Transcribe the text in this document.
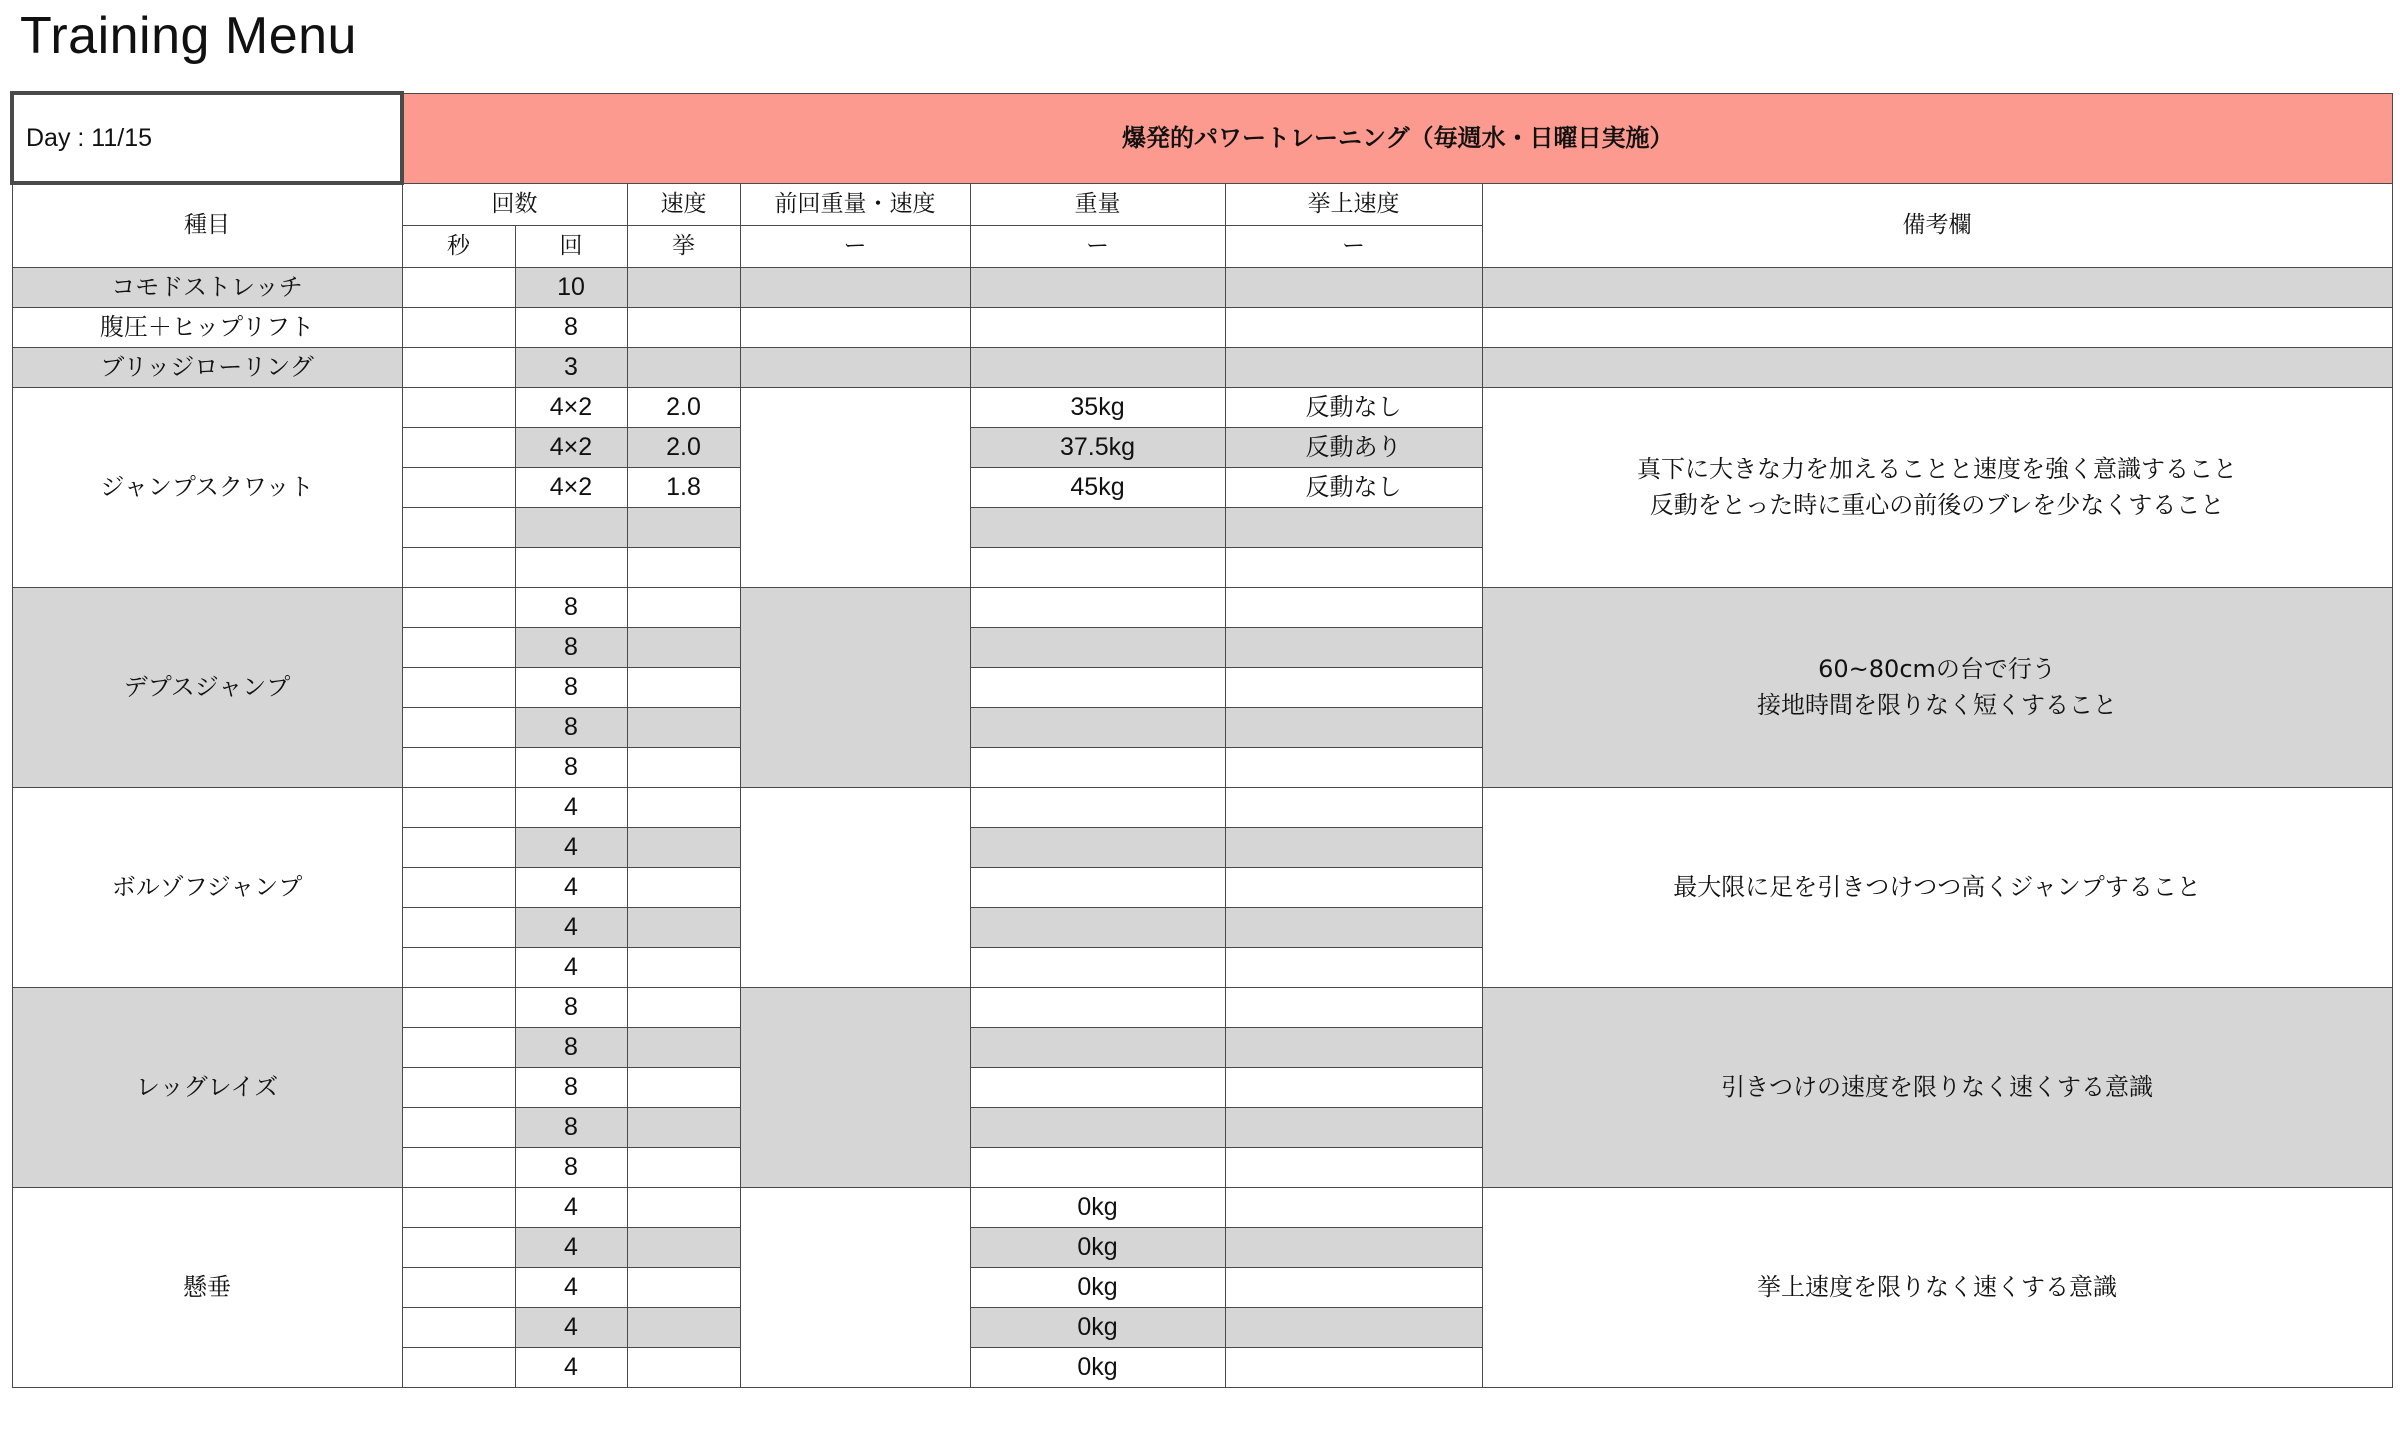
Training Menu
Day : 11/15	爆発的パワートレーニング（毎週水・日曜日実施）						
種目	回数		速度	前回重量・速度	重量	挙上速度	備考欄
	秒	回	挙	ー	ー	ー	
コモドストレッチ		10					
腹圧＋ヒップリフト		8					
ブリッジローリング		3					
ジャンプスクワット		4×2	2.0		35kg	反動なし	真下に大きな力を加えることと速度を強く意識すること
反動をとった時に重心の前後のブレを少なくすること

		4×2	2.0		37.5kg	反動あり	
		4×2	1.8		45kg	反動なし	

デプスジャンプ		8					60~80cmの台で行う
接地時間を限りなく短くすること

		8					
		8					
		8					
		8					
ボルゾフジャンプ		4					最大限に足を引きつけつつ高くジャンプすること

		4					
		4					
		4					
		4					
レッグレイズ		8					引きつけの速度を限りなく速くする意識

		8					
		8					
		8					
		8					
懸垂		4			0kg		挙上速度を限りなく速くする意識

		4			0kg		
		4			0kg		
		4			0kg		
		4			0kg		
